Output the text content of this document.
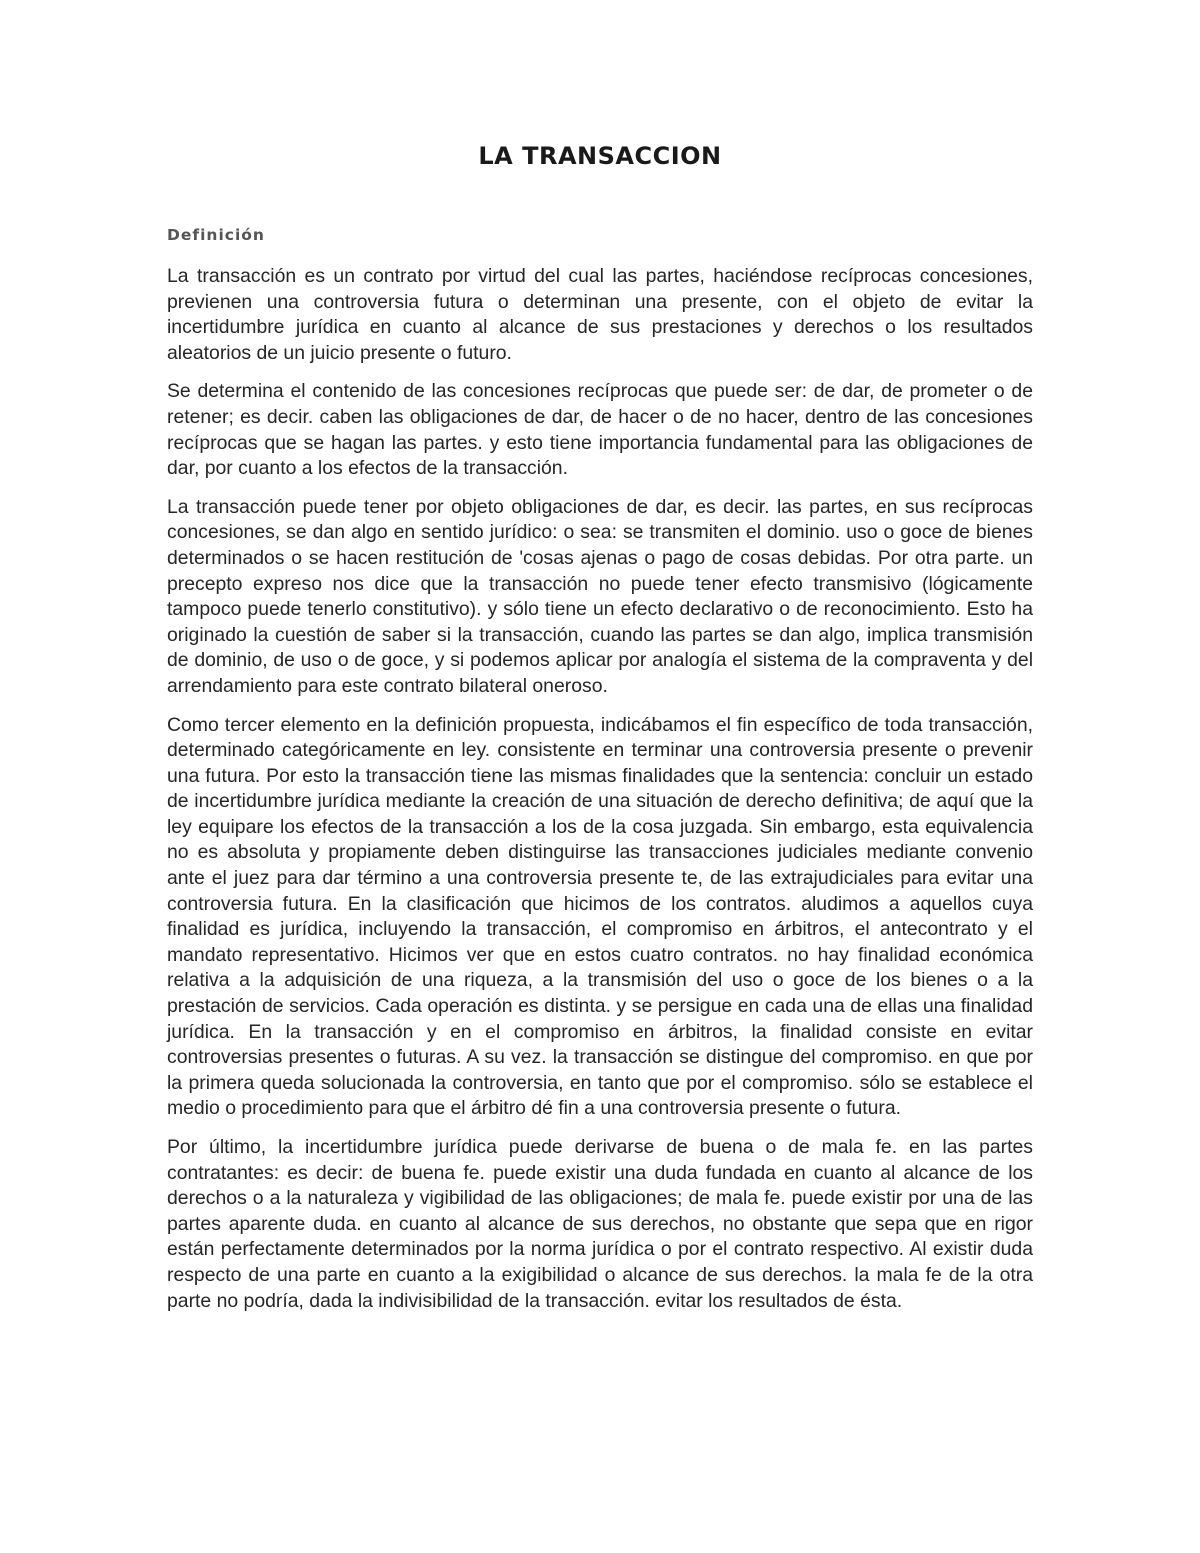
LA TRANSACCION
Definición

La transacción es un contrato por virtud del cual las partes, haciéndose recíprocas concesiones, previenen una controversia futura o determinan una presente, con el objeto de evitar la incertidumbre jurídica en cuanto al alcance de sus prestaciones y derechos o los resultados aleatorios de un juicio presente o futuro.

Se determina el contenido de las concesiones recíprocas que puede ser: de dar, de prometer o de retener; es decir. caben las obligaciones de dar, de hacer o de no hacer, dentro de las concesiones recíprocas que se hagan las partes. y esto tiene importancia fundamental para las obligaciones de dar, por cuanto a los efectos de la transacción.

La transacción puede tener por objeto obligaciones de dar, es decir. las partes, en sus recíprocas concesiones, se dan algo en sentido jurídico: o sea: se transmiten el dominio. uso o goce de bienes determinados o se hacen restitución de 'cosas ajenas o pago de cosas debidas. Por otra parte. un precepto expreso nos dice que la transacción no puede tener efecto transmisivo (lógicamente tampoco puede tenerlo constitutivo). y sólo tiene un efecto declarativo o de reconocimiento. Esto ha originado la cuestión de saber si la transacción, cuando las partes se dan algo, implica transmisión de dominio, de uso o de goce, y si podemos aplicar por analogía el sistema de la compraventa y del arrendamiento para este contrato bilateral oneroso.

Como tercer elemento en la definición propuesta, indicábamos el fin específico de toda transacción, determinado categóricamente en ley. consistente en terminar una controversia presente o prevenir una futura. Por esto la transacción tiene las mismas finalidades que la sentencia: concluir un estado de incertidumbre jurídica mediante la creación de una situación de derecho definitiva; de aquí que la ley equipare los efectos de la transacción a los de la cosa juzgada. Sin embargo, esta equivalencia no es absoluta y propiamente deben distinguirse las transacciones judiciales mediante convenio ante el juez para dar término a una controversia presente te, de las extrajudiciales para evitar una controversia futura. En la clasificación que hicimos de los contratos. aludimos a aquellos cuya finalidad es jurídica, incluyendo la transacción, el compromiso en árbitros, el antecontrato y el mandato representativo. Hicimos ver que en estos cuatro contratos. no hay finalidad económica relativa a la adquisición de una riqueza, a la transmisión del uso o goce de los bienes o a la prestación de servicios. Cada operación es distinta. y se persigue en cada una de ellas una finalidad jurídica. En la transacción y en el compromiso en árbitros, la finalidad consiste en evitar controversias presentes o futuras. A su vez. la transacción se distingue del compromiso. en que por la primera queda solucionada la controversia, en tanto que por el compromiso. sólo se establece el medio o procedimiento para que el árbitro dé fin a una controversia presente o futura.

Por último, la incertidumbre jurídica puede derivarse de buena o de mala fe. en las partes contratantes: es decir: de buena fe. puede existir una duda fundada en cuanto al alcance de los derechos o a la naturaleza y vigibilidad de las obligaciones; de mala fe. puede existir por una de las partes aparente duda. en cuanto al alcance de sus derechos, no obstante que sepa que en rigor están perfectamente determinados por la norma jurídica o por el contrato respectivo. Al existir duda respecto de una parte en cuanto a la exigibilidad o alcance de sus derechos. la mala fe de la otra parte no podría, dada la indivisibilidad de la transacción. evitar los resultados de ésta.
